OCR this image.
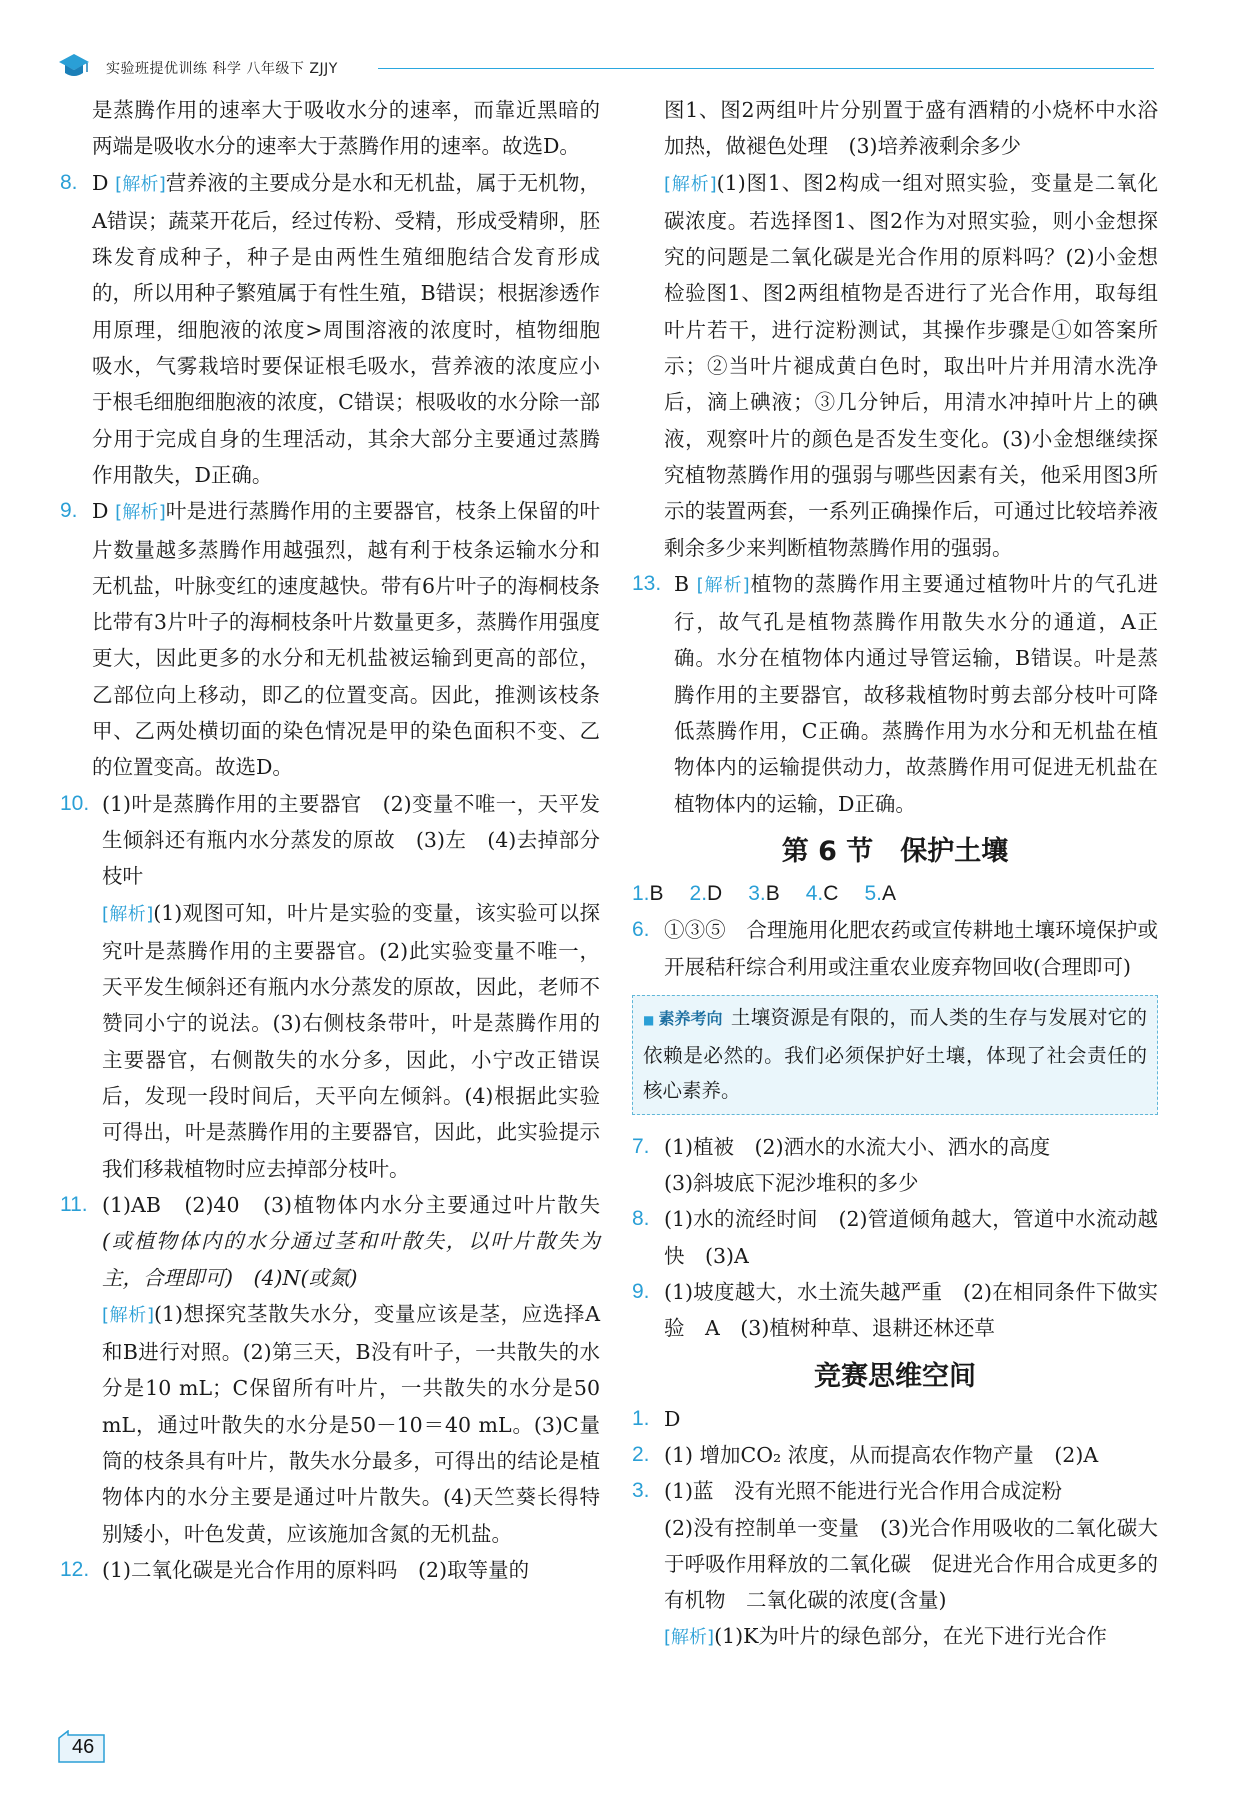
实验班提优训练 科学 八年级下 ZJJY

是蒸腾作用的速率大于吸收水分的速率，而靠近黑暗的两端是吸收水分的速率大于蒸腾作用的速率。故选D。

8. D [ 解析 ] 营养液的主要成分是水和无机盐，属于无机物，A错误；蔬菜开花后，经过传粉、受精，形成受精卵，胚珠发育成种子，种子是由两性生殖细胞结合发育形成的，所以用种子繁殖属于有性生殖，B错误；根据渗透作用原理，细胞液的浓度>周围溶液的浓度时，植物细胞吸水，气雾栽培时要保证根毛吸水，营养液的浓度应小于根毛细胞细胞液的浓度，C错误；根吸收的水分除一部分用于完成自身的生理活动，其余大部分主要通过蒸腾作用散失，D正确。

9. D [ 解析 ] 叶是进行蒸腾作用的主要器官，枝条上保留的叶片数量越多蒸腾作用越强烈，越有利于枝条运输水分和无机盐，叶脉变红的速度越快。带有6片叶子的海桐枝条比带有3片叶子的海桐枝条叶片数量更多，蒸腾作用强度更大，因此更多的水分和无机盐被运输到更高的部位，乙部位向上移动，即乙的位置变高。因此，推测该枝条甲、乙两处横切面的染色情况是甲的染色面积不变、乙的位置变高。故选D。

10. (1)叶是蒸腾作用的主要器官　(2)变量不唯一，天平发生倾斜还有瓶内水分蒸发的原故　(3)左　(4)去掉部分枝叶

[ 解析 ] (1)观图可知，叶片是实验的变量，该实验可以探究叶是蒸腾作用的主要器官。(2)此实验变量不唯一，天平发生倾斜还有瓶内水分蒸发的原故，因此，老师不赞同小宁的说法。(3)右侧枝条带叶，叶是蒸腾作用的主要器官，右侧散失的水分多，因此，小宁改正错误后，发现一段时间后，天平向左倾斜。(4)根据此实验可得出，叶是蒸腾作用的主要器官，因此，此实验提示我们移栽植物时应去掉部分枝叶。

11. (1)AB　(2)40　(3)植物体内水分主要通过叶片散失(或植物体内的水分通过茎和叶散失，以叶片散失为主，合理即可)　(4)N(或氮)

[ 解析 ] (1)想探究茎散失水分，变量应该是茎，应选择A和B进行对照。(2)第三天，B没有叶子，一共散失的水分是10 mL；C保留所有叶片，一共散失的水分是50 mL，通过叶散失的水分是50－10＝40 mL。(3)C量筒的枝条具有叶片，散失水分最多，可得出的结论是植物体内的水分主要是通过叶片散失。(4)天竺葵长得特别矮小，叶色发黄，应该施加含氮的无机盐。

12. (1)二氧化碳是光合作用的原料吗　(2)取等量的

图1、图2两组叶片分别置于盛有酒精的小烧杯中水浴加热，做褪色处理　(3)培养液剩余多少

[ 解析 ] (1)图1、图2构成一组对照实验，变量是二氧化碳浓度。若选择图1、图2作为对照实验，则小金想探究的问题是二氧化碳是光合作用的原料吗？(2)小金想检验图1、图2两组植物是否进行了光合作用，取每组叶片若干，进行淀粉测试，其操作步骤是①如答案所示；②当叶片褪成黄白色时，取出叶片并用清水洗净后，滴上碘液；③几分钟后，用清水冲掉叶片上的碘液，观察叶片的颜色是否发生变化。(3)小金想继续探究植物蒸腾作用的强弱与哪些因素有关，他采用图3所示的装置两套，一系列正确操作后，可通过比较培养液剩余多少来判断植物蒸腾作用的强弱。

13. B [ 解析 ] 植物的蒸腾作用主要通过植物叶片的气孔进行，故气孔是植物蒸腾作用散失水分的通道，A正确。水分在植物体内通过导管运输，B错误。叶是蒸腾作用的主要器官，故移栽植物时剪去部分枝叶可降低蒸腾作用，C正确。蒸腾作用为水分和无机盐在植物体内的运输提供动力，故蒸腾作用可促进无机盐在植物体内的运输，D正确。

第 6 节　保护土壤
1.B 2.D 3.B 4.C 5.A
6. ①③⑤　合理施用化肥农药或宣传耕地土壤环境保护或开展秸秆综合利用或注重农业废弃物回收(合理即可)

■ 素养考向 土壤资源是有限的，而人类的生存与发展对它的依赖是必然的。我们必须保护好土壤，体现了社会责任的核心素养。
7. (1)植被　(2)洒水的水流大小、洒水的高度

(3)斜坡底下泥沙堆积的多少

8. (1)水的流经时间　(2)管道倾角越大，管道中水流动越快　(3)A

9. (1)坡度越大，水土流失越严重　(2)在相同条件下做实验　A　(3)植树种草、退耕还林还草

竞赛思维空间
1. D

2. (1) 增加CO₂ 浓度，从而提高农作物产量　(2)A

3. (1)蓝　没有光照不能进行光合作用合成淀粉

(2)没有控制单一变量　(3)光合作用吸收的二氧化碳大于呼吸作用释放的二氧化碳　促进光合作用合成更多的有机物　二氧化碳的浓度(含量)

[ 解析 ] (1)K为叶片的绿色部分，在光下进行光合作

46
